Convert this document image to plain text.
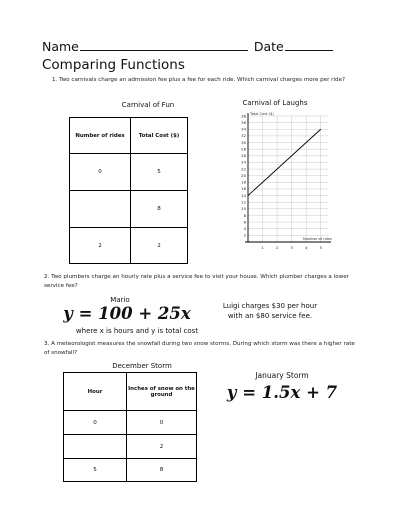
Name	Date
Comparing Functions
1. Two carnivals charge an admission fee plus a fee for each ride. Which carnival charges more per ride?
Carnival of Fun
Number of rides	Total Cost ($)
0	5
	8
2	2
Carnival of Laughs
2
4
6
8
10
12
14
16
18
20
22
24
26
28
30
32
34
36
38
1	2	3	4	5
Total Cost ($)
Number of rides
2. Two plumbers charge an hourly rate plus a service fee to visit your house. Which plumber charges a lower service fee?
Mario
y = 100 + 25x
where x is hours and y is total cost
Luigi charges $30 per hour
with an $80 service fee.
3. A meteorologist measures the snowfall during two snow storms. During which storm was there a higher rate of snowfall?
December Storm
Hour	Inches of snow on the ground
0	0
	2
5	8
January Storm
y = 1.5x + 7
